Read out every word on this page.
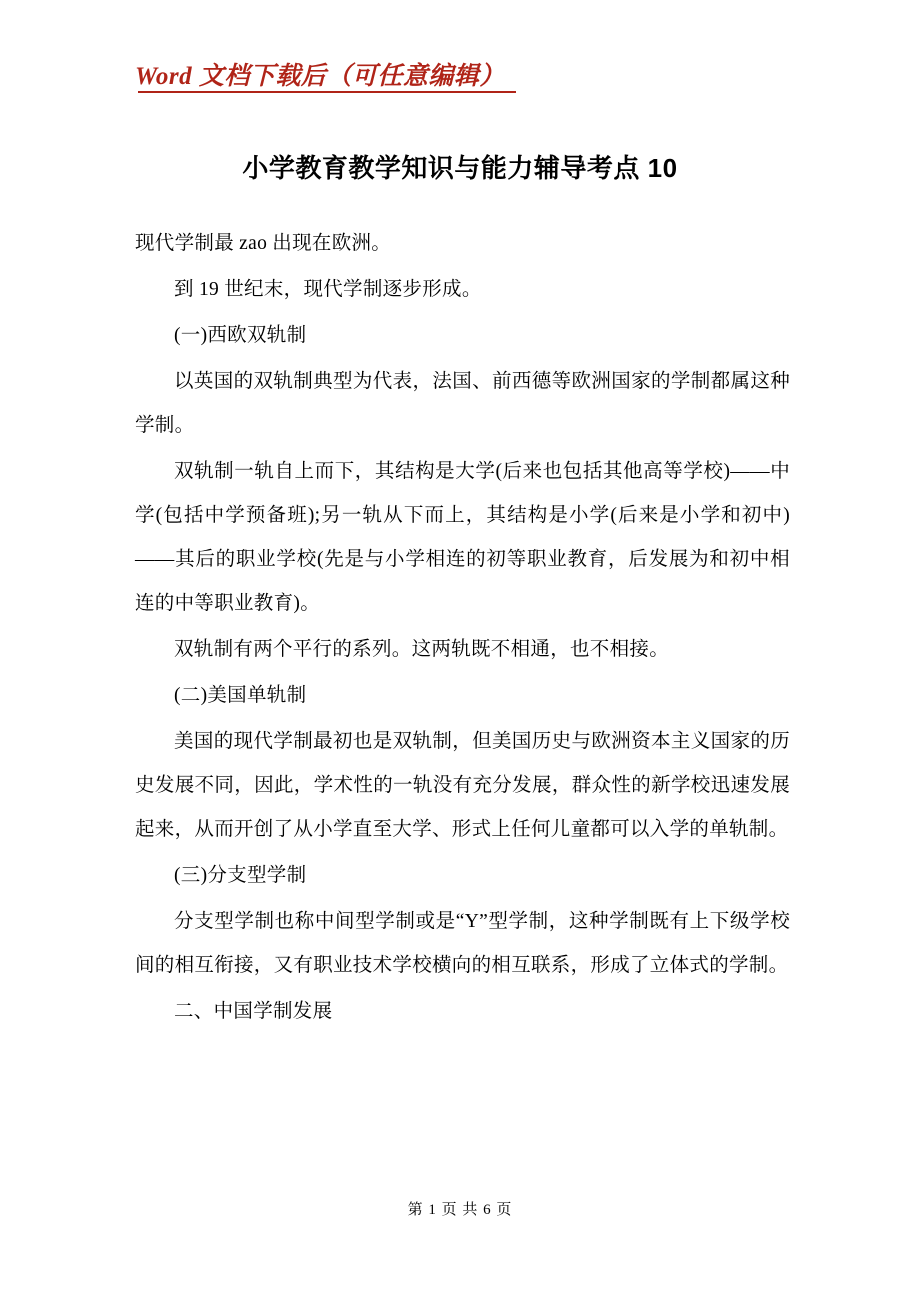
Word 文档下载后（可任意编辑）
小学教育教学知识与能力辅导考点 10

现代学制最 zao 出现在欧洲。

到 19 世纪末，现代学制逐步形成。

(一)西欧双轨制

以英国的双轨制典型为代表，法国、前西德等欧洲国家的学制都属这种学制。

双轨制一轨自上而下，其结构是大学(后来也包括其他高等学校)——中学(包括中学预备班);另一轨从下而上，其结构是小学(后来是小学和初中)——其后的职业学校(先是与小学相连的初等职业教育，后发展为和初中相连的中等职业教育)。

双轨制有两个平行的系列。这两轨既不相通，也不相接。

(二)美国单轨制

美国的现代学制最初也是双轨制，但美国历史与欧洲资本主义国家的历史发展不同，因此，学术性的一轨没有充分发展，群众性的新学校迅速发展起来，从而开创了从小学直至大学、形式上任何儿童都可以入学的单轨制。

(三)分支型学制

分支型学制也称中间型学制或是“Y”型学制，这种学制既有上下级学校间的相互衔接，又有职业技术学校横向的相互联系，形成了立体式的学制。

二、中国学制发展

第 1 页 共 6 页
